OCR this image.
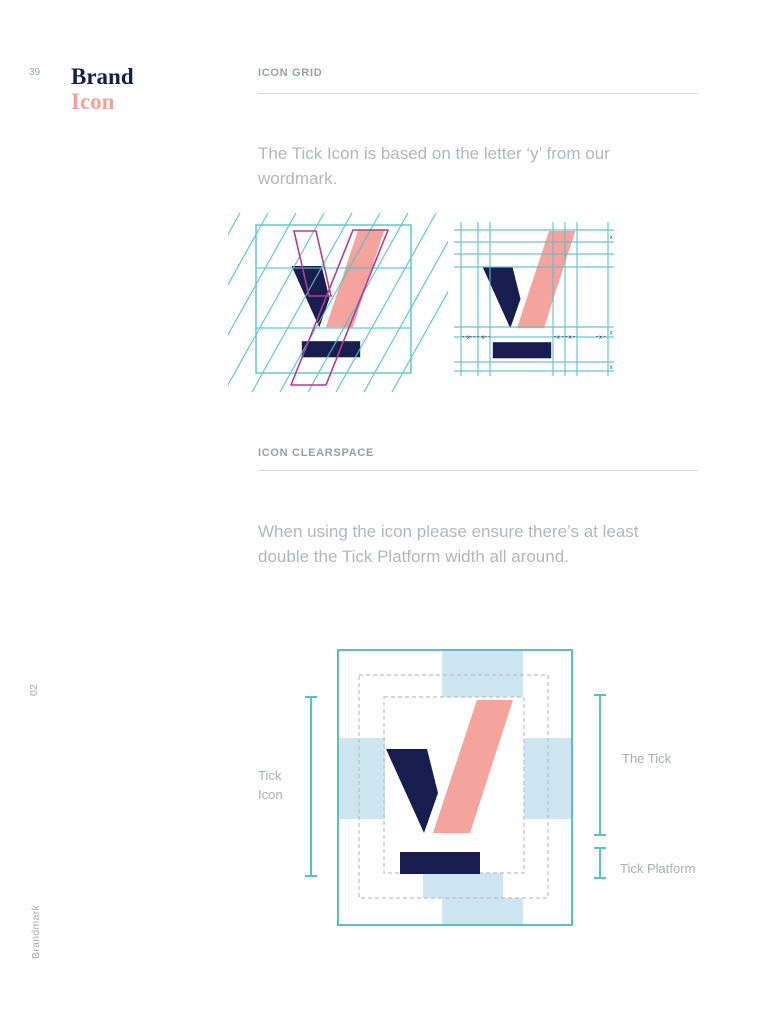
39 Brand
Icon
02
Brandmark
ICON GRID

The Tick Icon is based on the letter ‘y’ from our wordmark.

x x	x x	x
x
x
x
ICON CLEARSPACE

When using the icon please ensure there’s at least double the Tick Platform width all around.

Tick Icon
The Tick
Tick Platform
